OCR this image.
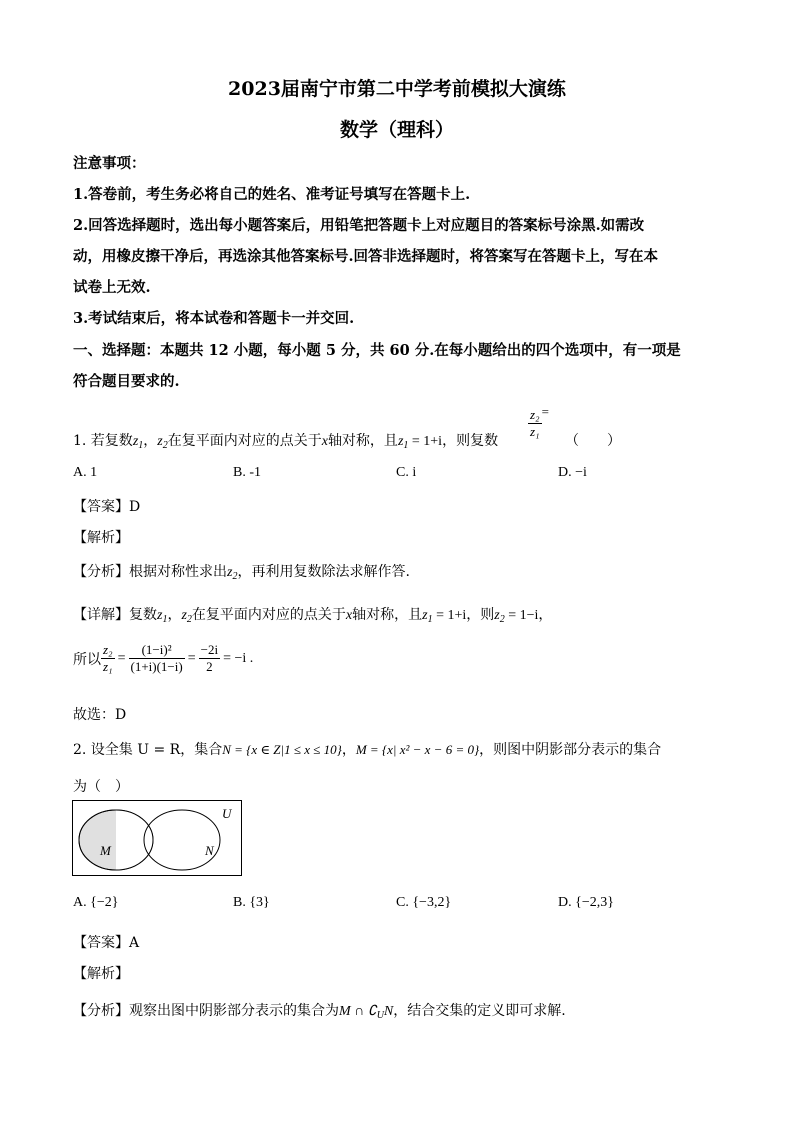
2023届南宁市第二中学考前模拟大演练
数学（理科）
注意事项：
1.答卷前，考生务必将自己的姓名、准考证号填写在答题卡上.
2.回答选择题时，选出每小题答案后，用铅笔把答题卡上对应题目的答案标号涂黑.如需改
动，用橡皮擦干净后，再选涂其他答案标号.回答非选择题时，将答案写在答题卡上，写在本
试卷上无效.
3.考试结束后，将本试卷和答题卡一并交回.
一、选择题：本题共 12 小题，每小题 5 分，共 60 分.在每小题给出的四个选项中，有一项是
符合题目要求的.
1. 若复数$z_1$，$z_2$在复平面内对应的点关于x轴对称，且$z_1 = 1+i$，则复数
$\frac{\text{z₂}}{\text{z₁}} ^=$
（　　）
A. 1	B. -1	C. i	D. −i
【答案】D
【解析】
【分析】根据对称性求出$z_2$，再利用复数除法求解作答.
【详解】复数$z_1$，$z_2$在复平面内对应的点关于x轴对称，且$z_1 = 1+i$，则$z_2 = 1-i$，
所以 $\frac{\text{z₂}}{\text{z₁}} = \frac{\text{(1−i)²}}{(1+i)(1-i)} = \frac{-2i}{2} = -i$ .
故选：D
2. 设全集 U = R，集合N = {x ∈ Z|1 ≤ x ≤ 10}，M = {x| x² − x − 6 = 0}，则图中阴影部分表示的集合
为（　）
U
M	N
A. {−2}	B. {3}	C. {−3,2}	D. {−2,3}
【答案】A
【解析】
【分析】观察出图中阴影部分表示的集合为M ∩ $∁_UN$，结合交集的定义即可求解.
